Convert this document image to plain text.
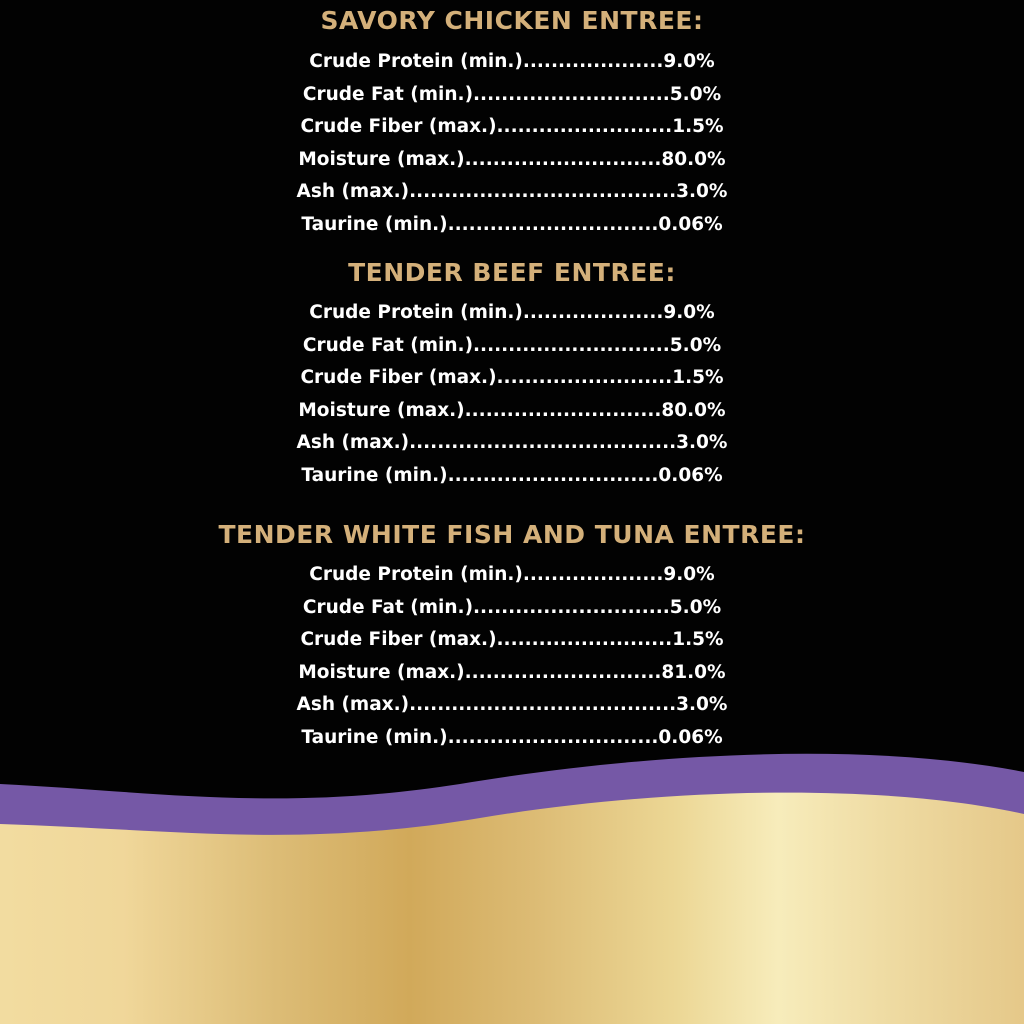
SAVORY CHICKEN ENTREE:
Crude Protein (min.)....................9.0%
Crude Fat (min.)............................5.0%
Crude Fiber (max.).........................1.5%
Moisture (max.)............................80.0%
Ash (max.)......................................3.0%
Taurine (min.)..............................0.06%
TENDER BEEF ENTREE:
Crude Protein (min.)....................9.0%
Crude Fat (min.)............................5.0%
Crude Fiber (max.).........................1.5%
Moisture (max.)............................80.0%
Ash (max.)......................................3.0%
Taurine (min.)..............................0.06%
TENDER WHITE FISH AND TUNA ENTREE:
Crude Protein (min.)....................9.0%
Crude Fat (min.)............................5.0%
Crude Fiber (max.).........................1.5%
Moisture (max.)............................81.0%
Ash (max.)......................................3.0%
Taurine (min.)..............................0.06%
